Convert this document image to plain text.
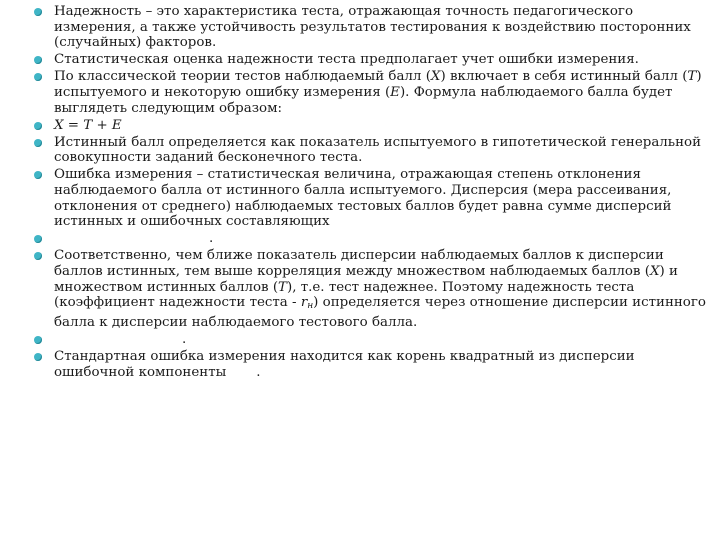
Надежность – это характеристика теста, отражающая точность педагогического измерения, а также устойчивость результатов тестирования к воздействию посторонних (случайных) факторов.
Статистическая оценка надежности теста предполагает учет ошибки измерения.
По классической теории тестов наблюдаемый балл (X) включает в себя истинный балл (T) испытуемого и некоторую ошибку измерения (E). Формула наблюдаемого балла будет выглядеть следующим образом:
X = T + E
Истинный балл определяется как показатель испытуемого в гипотетической генеральной совокупности заданий бесконечного теста.
Ошибка измерения – статистическая величина, отражающая степень отклонения наблюдаемого балла от истинного балла испытуемого. Дисперсия (мера рассеивания, отклонения от среднего) наблюдаемых тестовых баллов будет равна сумме дисперсий истинных и ошибочных составляющих
.
Соответственно, чем ближе показатель дисперсии наблюдаемых баллов к дисперсии баллов истинных, тем выше корреляция между множеством наблюдаемых баллов (X) и множеством истинных баллов (T), т.е. тест надежнее. Поэтому надежность теста (коэффициент надежности теста - $r_н$) определяется через отношение дисперсии истинного балла к дисперсии наблюдаемого тестового балла.
.
Стандартная ошибка измерения находится как корень квадратный из дисперсии ошибочной компоненты .
